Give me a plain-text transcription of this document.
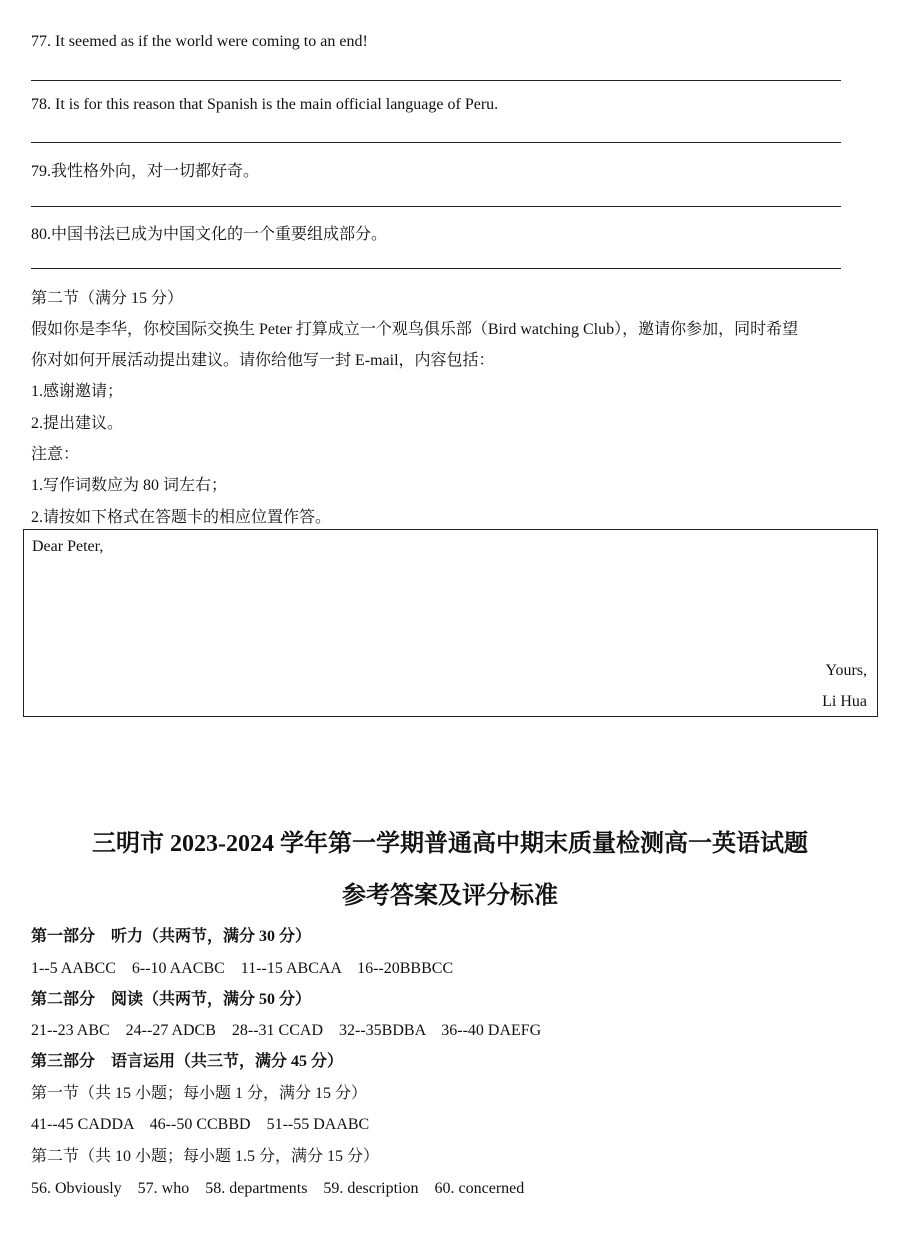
77. It seemed as if the world were coming to an end!
78. It is for this reason that Spanish is the main official language of Peru.
79.我性格外向，对一切都好奇。
80.中国书法已成为中国文化的一个重要组成部分。
第二节（满分 15 分）
假如你是李华，你校国际交换生 Peter 打算成立一个观鸟俱乐部（Bird watching Club），邀请你参加，同时希望
你对如何开展活动提出建议。请你给他写一封 E-mail，内容包括：
1.感谢邀请；
2.提出建议。
注意：
1.写作词数应为 80 词左右；
2.请按如下格式在答题卡的相应位置作答。
Dear Peter,
Yours,
Li Hua
三明市 2023-2024 学年第一学期普通高中期末质量检测高一英语试题
参考答案及评分标准
第一部分　听力（共两节，满分 30 分）
1--5 AABCC　6--10 AACBC　11--15 ABCAA　16--20BBBCC
第二部分　阅读（共两节，满分 50 分）
21--23 ABC　24--27 ADCB　28--31 CCAD　32--35BDBA　36--40 DAEFG
第三部分　语言运用（共三节，满分 45 分）
第一节（共 15 小题；每小题 1 分，满分 15 分）
41--45 CADDA　46--50 CCBBD　51--55 DAABC
第二节（共 10 小题；每小题 1.5 分，满分 15 分）
56. Obviously　57. who　58. departments　59. description　60. concerned
